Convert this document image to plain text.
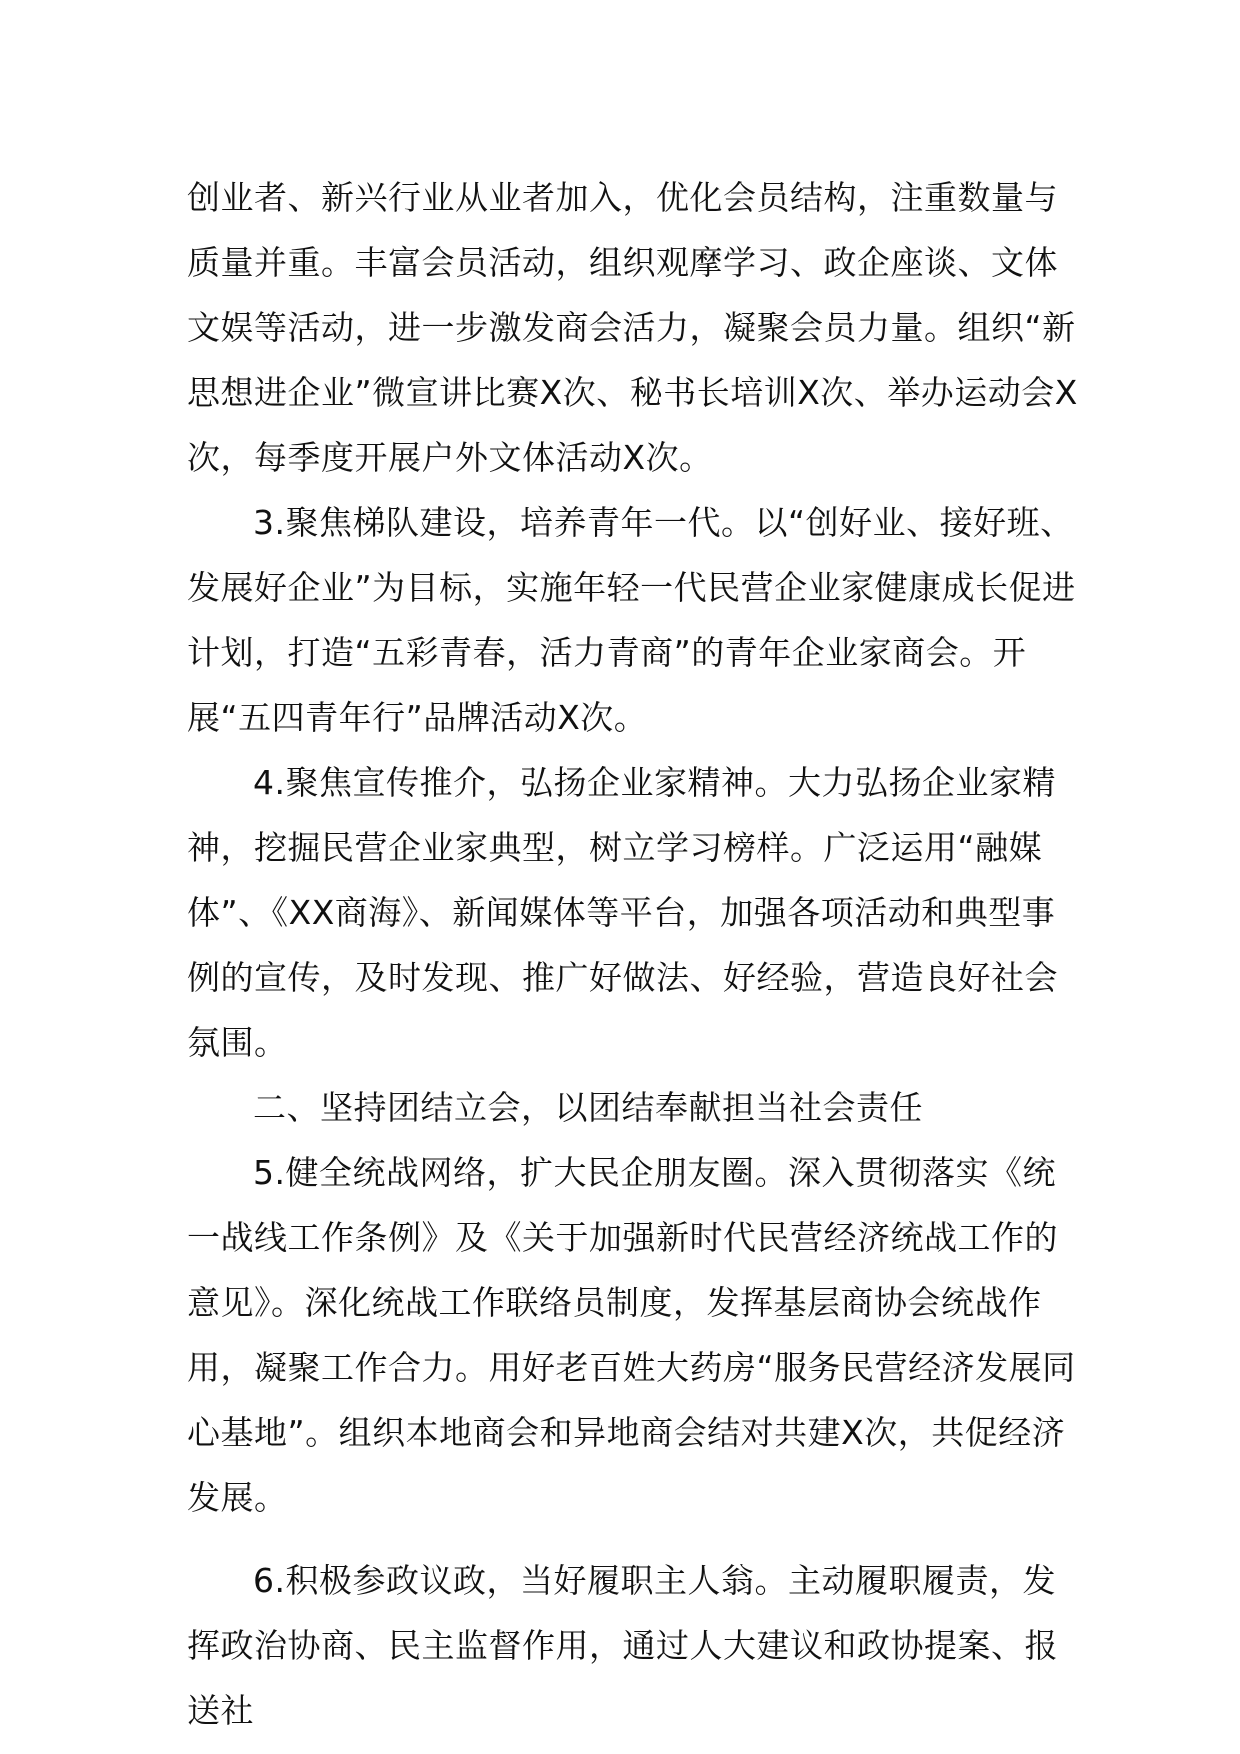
创业者、新兴行业从业者加入，优化会员结构，注重数量与质量并重。丰富会员活动，组织观摩学习、政企座谈、文体文娱等活动，进一步激发商会活力，凝聚会员力量。组织“新思想进企业”微宣讲比赛X次、秘书长培训X次、举办运动会X次，每季度开展户外文体活动X次。

3.聚焦梯队建设，培养青年一代。以“创好业、接好班、发展好企业”为目标，实施年轻一代民营企业家健康成长促进计划，打造“五彩青春，活力青商”的青年企业家商会。开展“五四青年行”品牌活动X次。

4.聚焦宣传推介，弘扬企业家精神。大力弘扬企业家精神，挖掘民营企业家典型，树立学习榜样。广泛运用“融媒体”、《XX商海》、新闻媒体等平台，加强各项活动和典型事例的宣传，及时发现、推广好做法、好经验，营造良好社会氛围。

二、坚持团结立会，以团结奉献担当社会责任

5.健全统战网络，扩大民企朋友圈。深入贯彻落实《统一战线工作条例》及《关于加强新时代民营经济统战工作的意见》。深化统战工作联络员制度，发挥基层商协会统战作用，凝聚工作合力。用好老百姓大药房“服务民营经济发展同心基地”。组织本地商会和异地商会结对共建X次，共促经济发展。

6.积极参政议政，当好履职主人翁。主动履职履责，发挥政治协商、民主监督作用，通过人大建议和政协提案、报送社
